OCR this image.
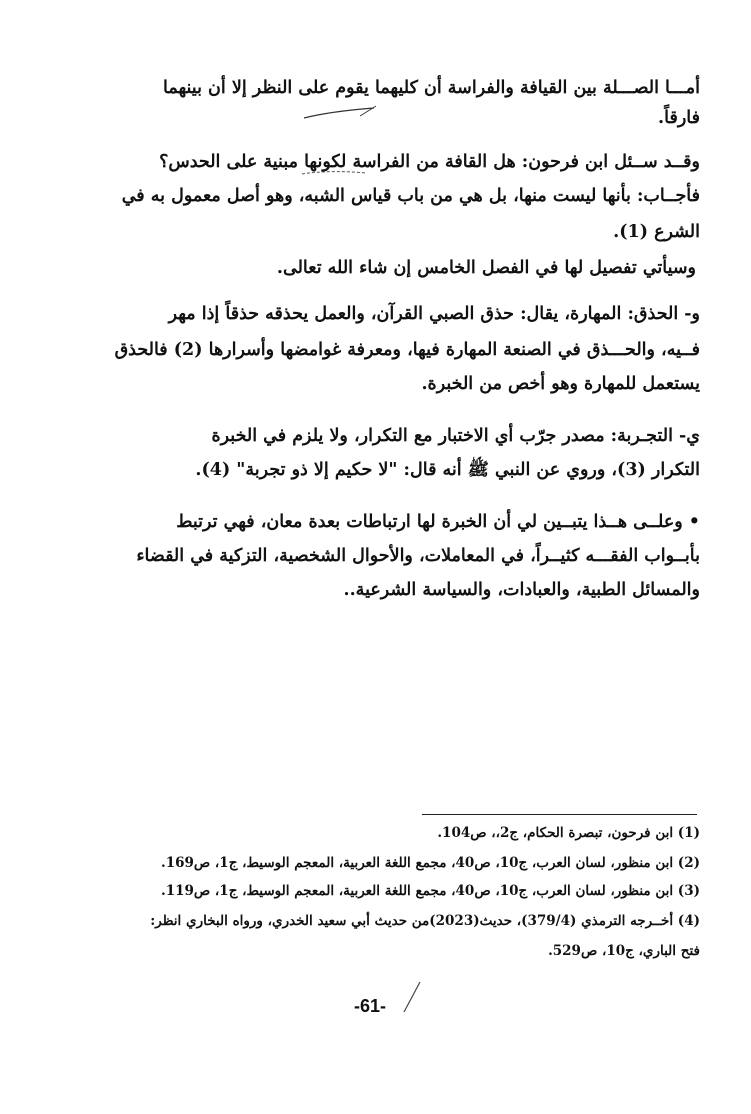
أمـــا الصـــلة بين القيافة والفراسة أن كليهما يقوم على النظر إلا أن بينهما
فارقاً.
وقــد ســئل ابن فرحون: هل القافة من الفراسة لكونها مبنية على الحدس؟
فأجــاب: بأنها ليست منها، بل هي من باب قياس الشبه، وهو أصل معمول به في
الشرع (1).
وسيأتي تفصيل لها في الفصل الخامس إن شاء الله تعالى.
و- الحذق: المهارة، يقال: حذق الصبي القرآن، والعمل يحذقه حذقاً إذا مهر
فــيه، والحـــذق في الصنعة المهارة فيها، ومعرفة غوامضها وأسرارها (2) فالحذق
يستعمل للمهارة وهو أخص من الخبرة.
ي- التجـربة: مصدر جرّب أي الاختبار مع التكرار، ولا يلزم في الخبرة
التكرار (3)، وروي عن النبي ﷺ أنه قال: "لا حكيم إلا ذو تجربة" (4).
• وعلــى هــذا يتبــين لي أن الخبرة لها ارتباطات بعدة معان، فهي ترتبط
بأبــواب الفقـــه كثيــراً، في المعاملات، والأحوال الشخصية، التزكية في القضاء
والمسائل الطبية، والعبادات، والسياسة الشرعية..
(1) ابن فرحون، تبصرة الحكام، ج2،، ص104.
(2) ابن منظور، لسان العرب، ج10، ص40، مجمع اللغة العربية، المعجم الوسيط، ج1، ص169.
(3) ابن منظور، لسان العرب، ج10، ص40، مجمع اللغة العربية، المعجم الوسيط، ج1، ص119.
(4) أخــرجه الترمذي (379/4)، حديث(2023)من حديث أبي سعيد الخدري، ورواه البخاري انظر:
فتح الباري، ج10، ص529.
-61-
